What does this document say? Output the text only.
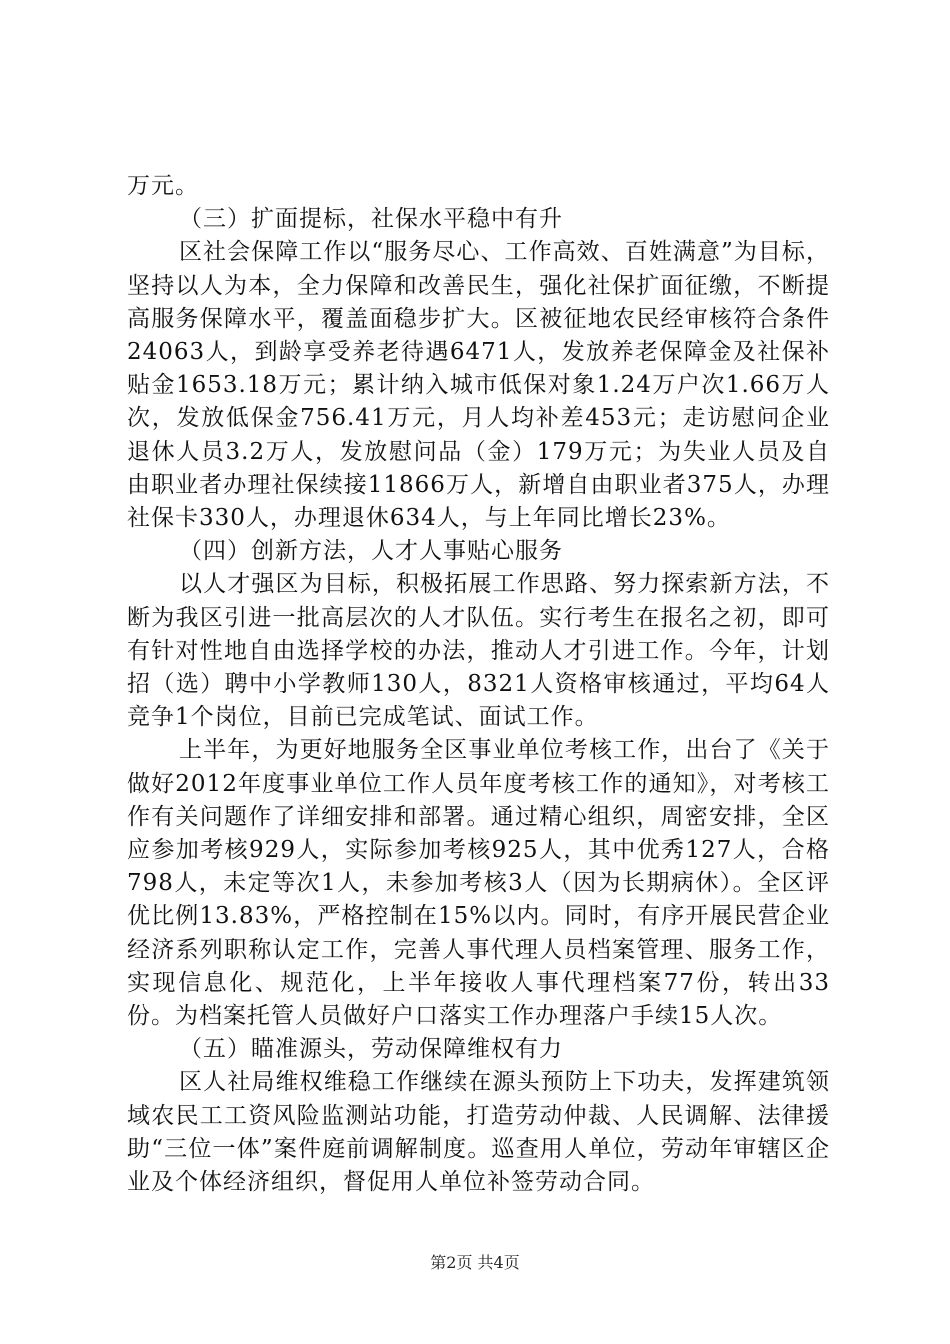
万元。

（三）扩面提标，社保水平稳中有升

区社会保障工作以“服务尽心、工作高效、百姓满意”为目标，坚持以人为本，全力保障和改善民生，强化社保扩面征缴，不断提高服务保障水平，覆盖面稳步扩大。区被征地农民经审核符合条件24063人，到龄享受养老待遇6471人，发放养老保障金及社保补贴金1653.18万元；累计纳入城市低保对象1.24万户次1.66万人次，发放低保金756.41万元，月人均补差453元；走访慰问企业退休人员3.2万人，发放慰问品（金）179万元；为失业人员及自由职业者办理社保续接11866万人，新增自由职业者375人，办理社保卡330人，办理退休634人，与上年同比增长23%。

（四）创新方法，人才人事贴心服务

以人才强区为目标，积极拓展工作思路、努力探索新方法，不断为我区引进一批高层次的人才队伍。实行考生在报名之初，即可有针对性地自由选择学校的办法，推动人才引进工作。今年，计划招（选）聘中小学教师130人，8321人资格审核通过，平均64人竞争1个岗位，目前已完成笔试、面试工作。

上半年，为更好地服务全区事业单位考核工作，出台了《关于做好2012年度事业单位工作人员年度考核工作的通知》，对考核工作有关问题作了详细安排和部署。通过精心组织，周密安排，全区应参加考核929人，实际参加考核925人，其中优秀127人，合格798人，未定等次1人，未参加考核3人（因为长期病休）。全区评优比例13.83%，严格控制在15%以内。同时，有序开展民营企业经济系列职称认定工作，完善人事代理人员档案管理、服务工作，实现信息化、规范化，上半年接收人事代理档案77份，转出33份。为档案托管人员做好户口落实工作办理落户手续15人次。

（五）瞄准源头，劳动保障维权有力

区人社局维权维稳工作继续在源头预防上下功夫，发挥建筑领域农民工工资风险监测站功能，打造劳动仲裁、人民调解、法律援助“三位一体”案件庭前调解制度。巡查用人单位，劳动年审辖区企业及个体经济组织，督促用人单位补签劳动合同。

第2页 共4页
